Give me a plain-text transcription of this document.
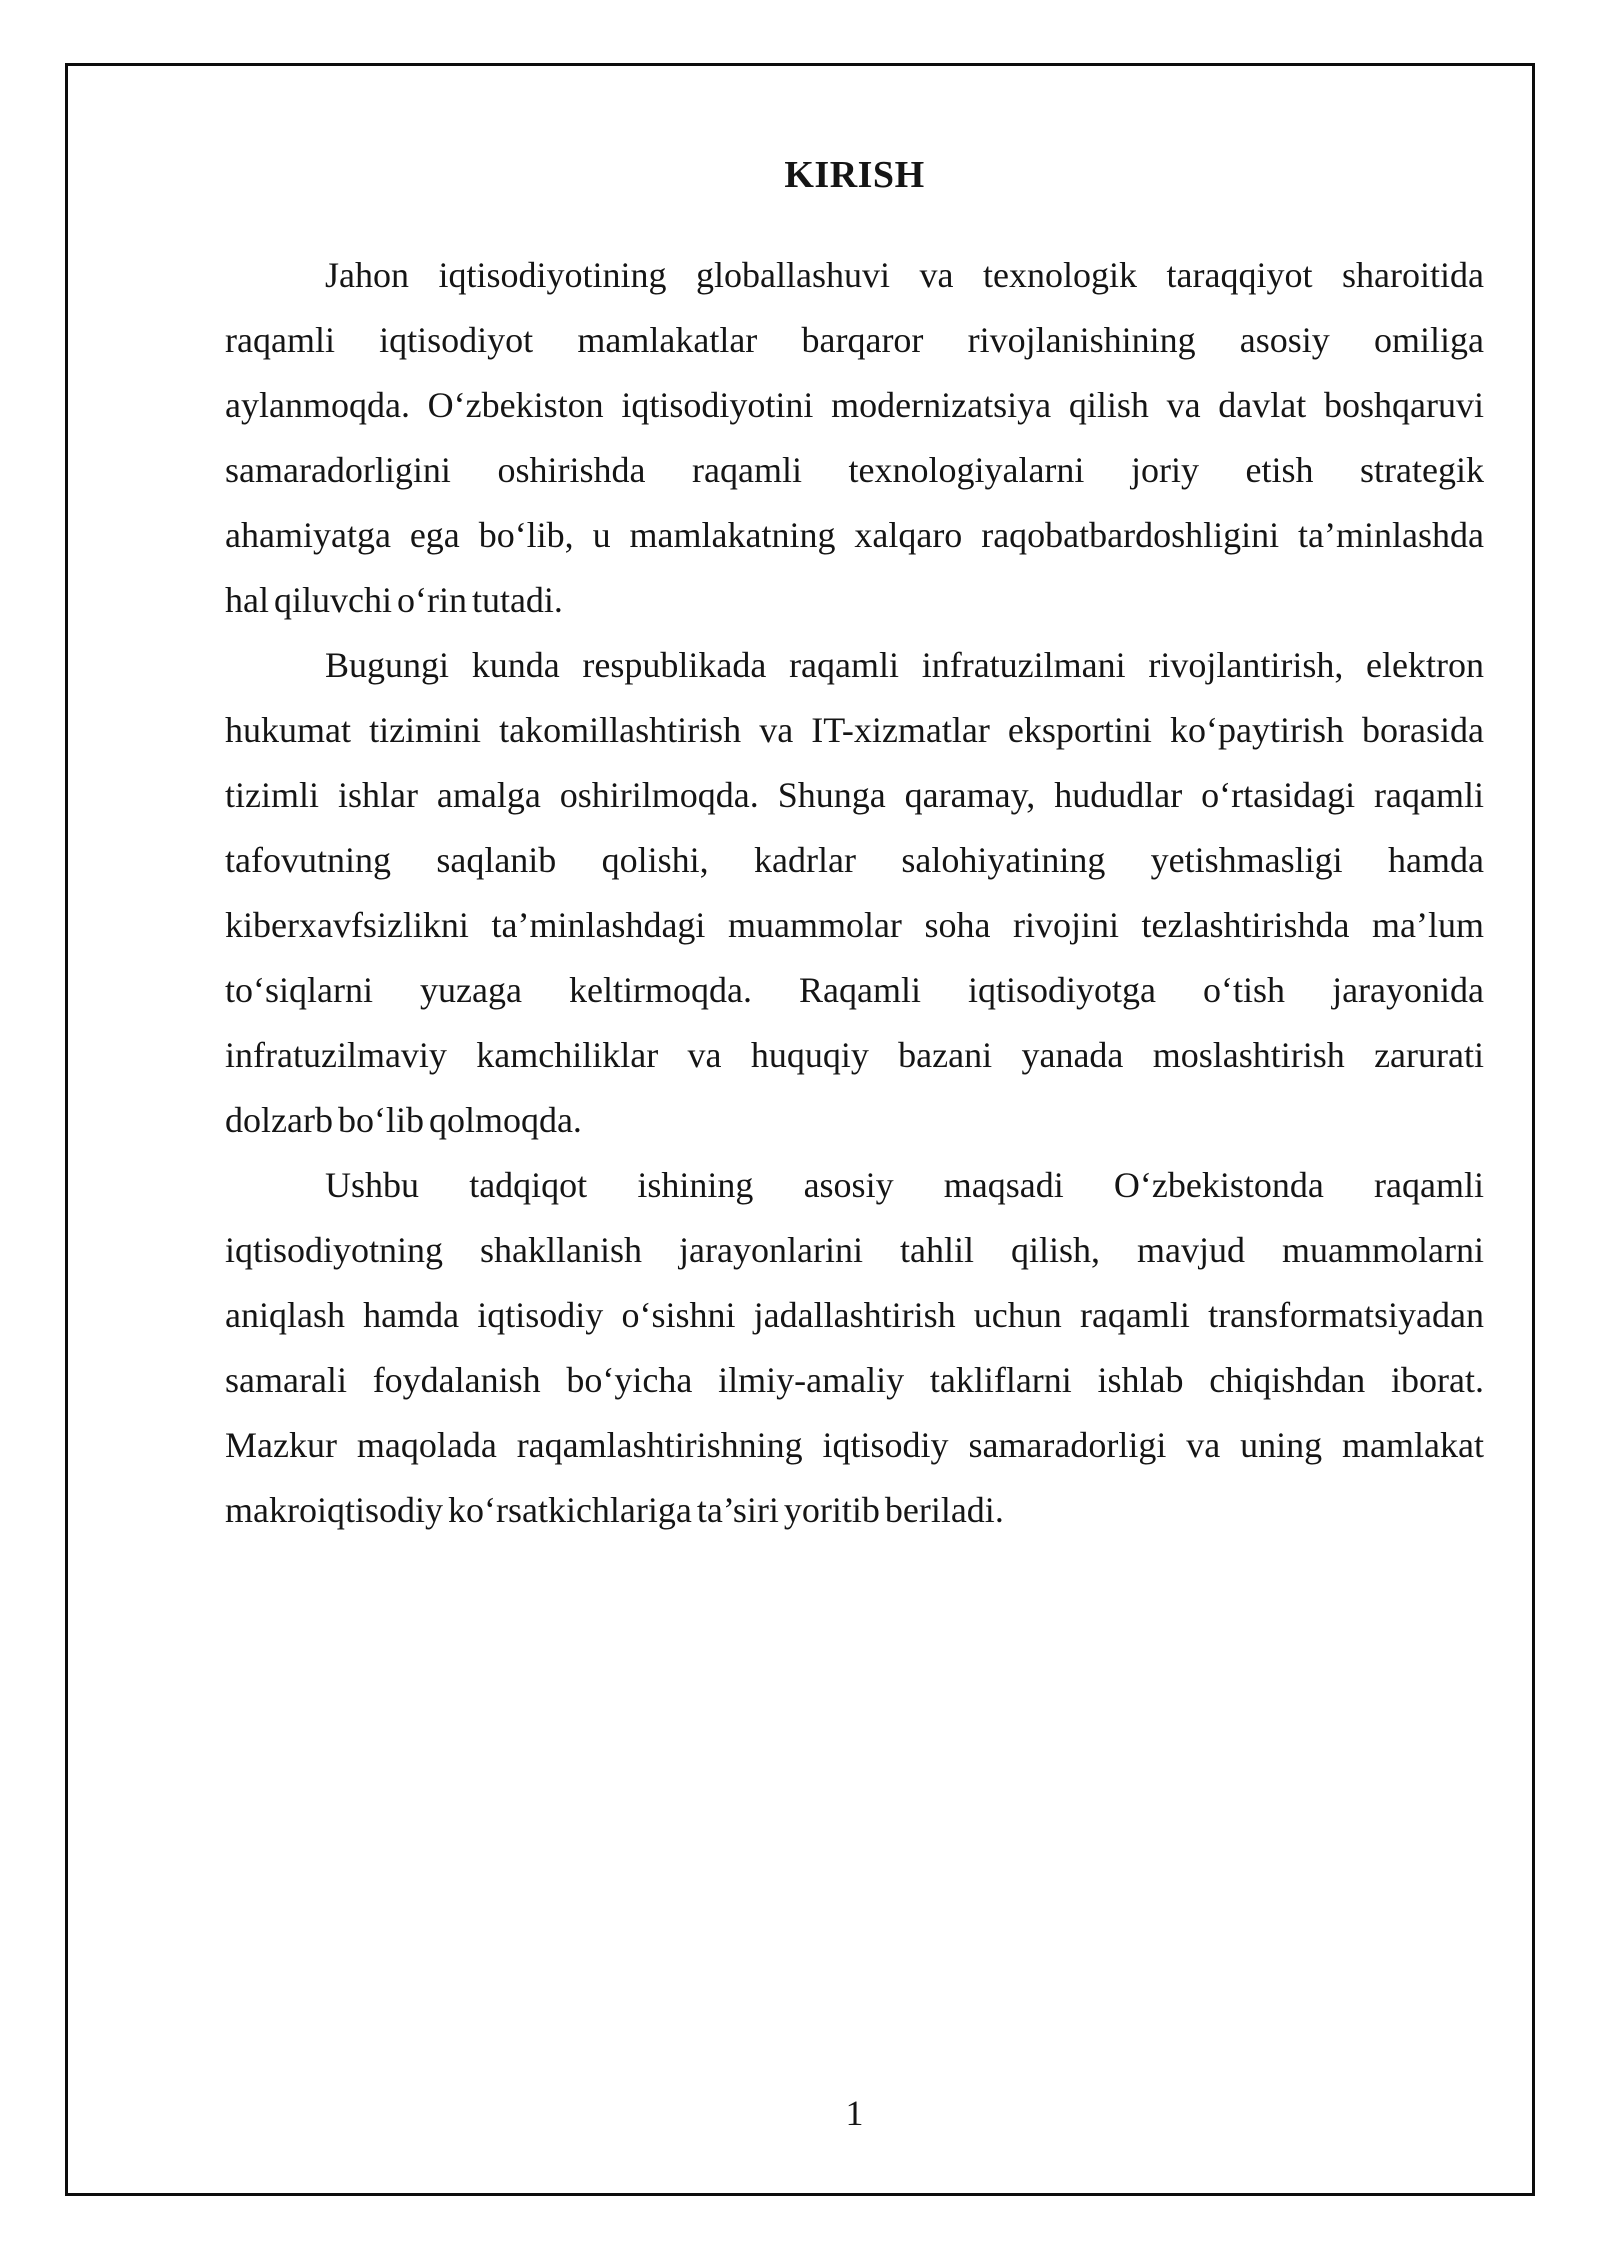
KIRISH
Jahon iqtisodiyotining globallashuvi va texnologik taraqqiyot sharoitida
raqamli iqtisodiyot mamlakatlar barqaror rivojlanishining asosiy omiliga
aylanmoqda. O‘zbekiston iqtisodiyotini modernizatsiya qilish va davlat boshqaruvi
samaradorligini oshirishda raqamli texnologiyalarni joriy etish strategik
ahamiyatga ega bo‘lib, u mamlakatning xalqaro raqobatbardoshligini ta’minlashda
hal qiluvchi o‘rin tutadi.
Bugungi kunda respublikada raqamli infratuzilmani rivojlantirish, elektron
hukumat tizimini takomillashtirish va IT-xizmatlar eksportini ko‘paytirish borasida
tizimli ishlar amalga oshirilmoqda. Shunga qaramay, hududlar o‘rtasidagi raqamli
tafovutning saqlanib qolishi, kadrlar salohiyatining yetishmasligi hamda
kiberxavfsizlikni ta’minlashdagi muammolar soha rivojini tezlashtirishda ma’lum
to‘siqlarni yuzaga keltirmoqda. Raqamli iqtisodiyotga o‘tish jarayonida
infratuzilmaviy kamchiliklar va huquqiy bazani yanada moslashtirish zarurati
dolzarb bo‘lib qolmoqda.
Ushbu tadqiqot ishining asosiy maqsadi O‘zbekistonda raqamli
iqtisodiyotning shakllanish jarayonlarini tahlil qilish, mavjud muammolarni
aniqlash hamda iqtisodiy o‘sishni jadallashtirish uchun raqamli transformatsiyadan
samarali foydalanish bo‘yicha ilmiy-amaliy takliflarni ishlab chiqishdan iborat.
Mazkur maqolada raqamlashtirishning iqtisodiy samaradorligi va uning mamlakat
makroiqtisodiy ko‘rsatkichlariga ta’siri yoritib beriladi.
1
